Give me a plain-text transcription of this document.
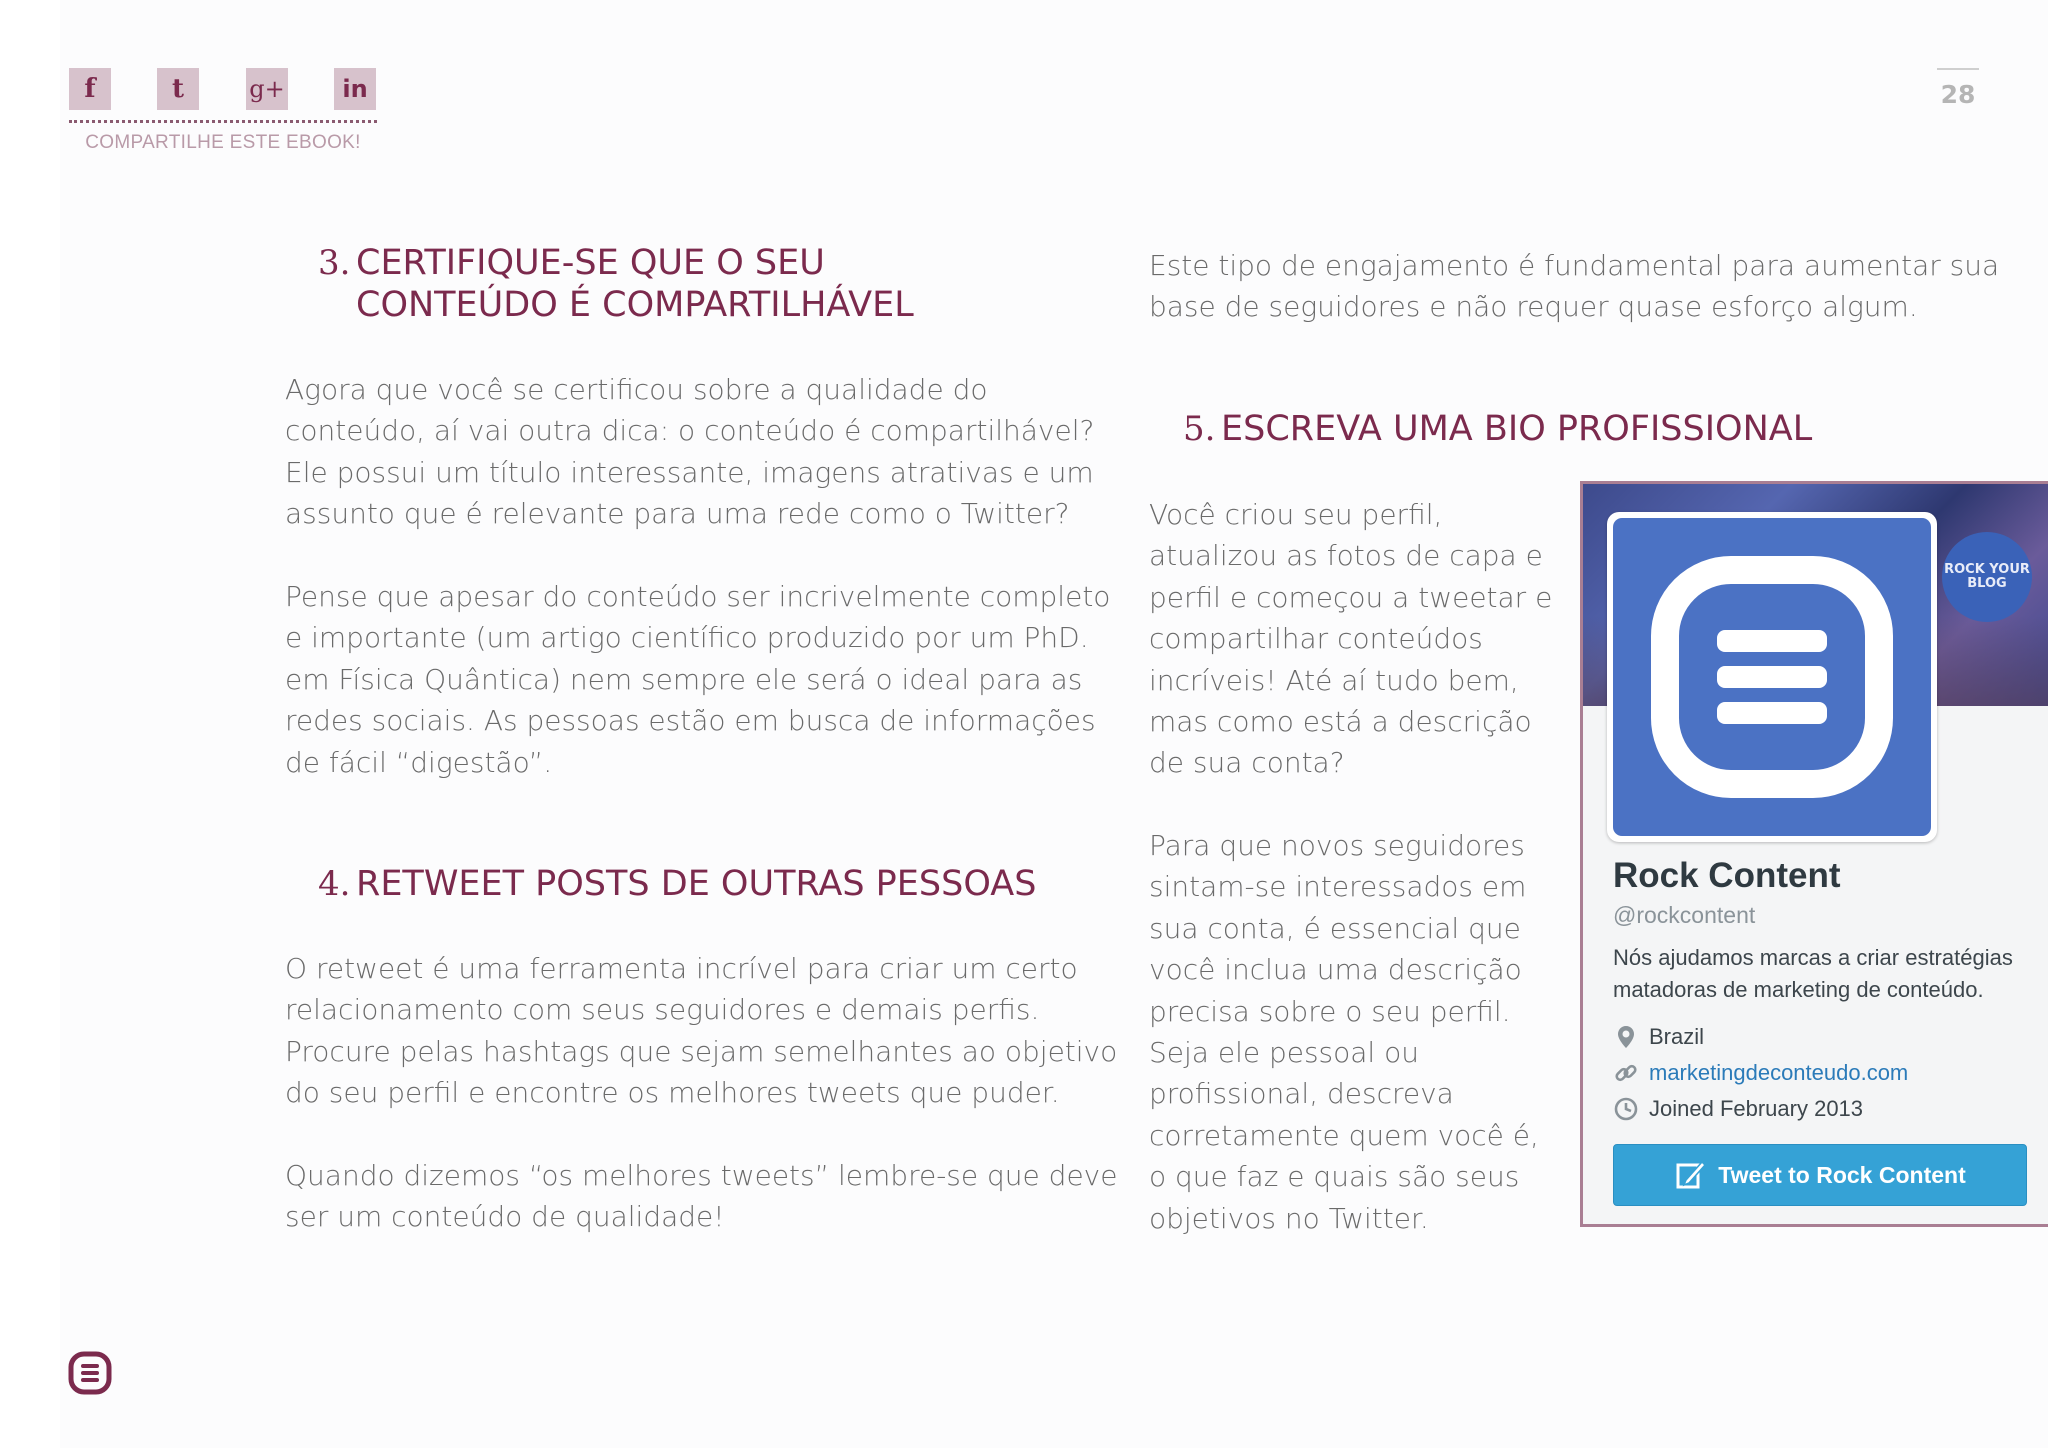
f	t	g+ in
COMPARTILHE ESTE EBOOK!
28
3. CERTIFIQUE-SE QUE O SEU
CONTEÚDO É COMPARTILHÁVEL

Agora que você se certificou sobre a qualidade do conteúdo, aí vai outra dica: o conteúdo é compartilhável? Ele possui um título interessante, imagens atrativas e um assunto que é relevante para uma rede como o Twitter?

Pense que apesar do conteúdo ser incrivelmente completo e importante (um artigo científico produzido por um PhD. em Física Quântica) nem sempre ele será o ideal para as redes sociais. As pessoas estão em busca de informações de fácil “digestão”.

4. RETWEET POSTS DE OUTRAS PESSOAS

O retweet é uma ferramenta incrível para criar um certo relacionamento com seus seguidores e demais perfis. Procure pelas hashtags que sejam semelhantes ao objetivo do seu perfil e encontre os melhores tweets que puder.

Quando dizemos “os melhores tweets” lembre-se que deve ser um conteúdo de qualidade!

Este tipo de engajamento é fundamental para aumentar sua base de seguidores e não requer quase esforço algum.

5. ESCREVA UMA BIO PROFISSIONAL

Você criou seu perfil, atualizou as fotos de capa e perfil e começou a tweetar e compartilhar conteúdos incríveis! Até aí tudo bem, mas como está a descrição de sua conta?

Para que novos seguidores sintam-se interessados em sua conta, é essencial que você inclua uma descrição precisa sobre o seu perfil. Seja ele pessoal ou profissional, descreva corretamente quem você é, o que faz e quais são seus objetivos no Twitter.

ROCK YOUR BLOG
Rock Content
@rockcontent
Nós ajudamos marcas a criar estratégias matadoras de marketing de conteúdo.
Brazil
marketingdeconteudo.com
Joined February 2013
Tweet to Rock Content
